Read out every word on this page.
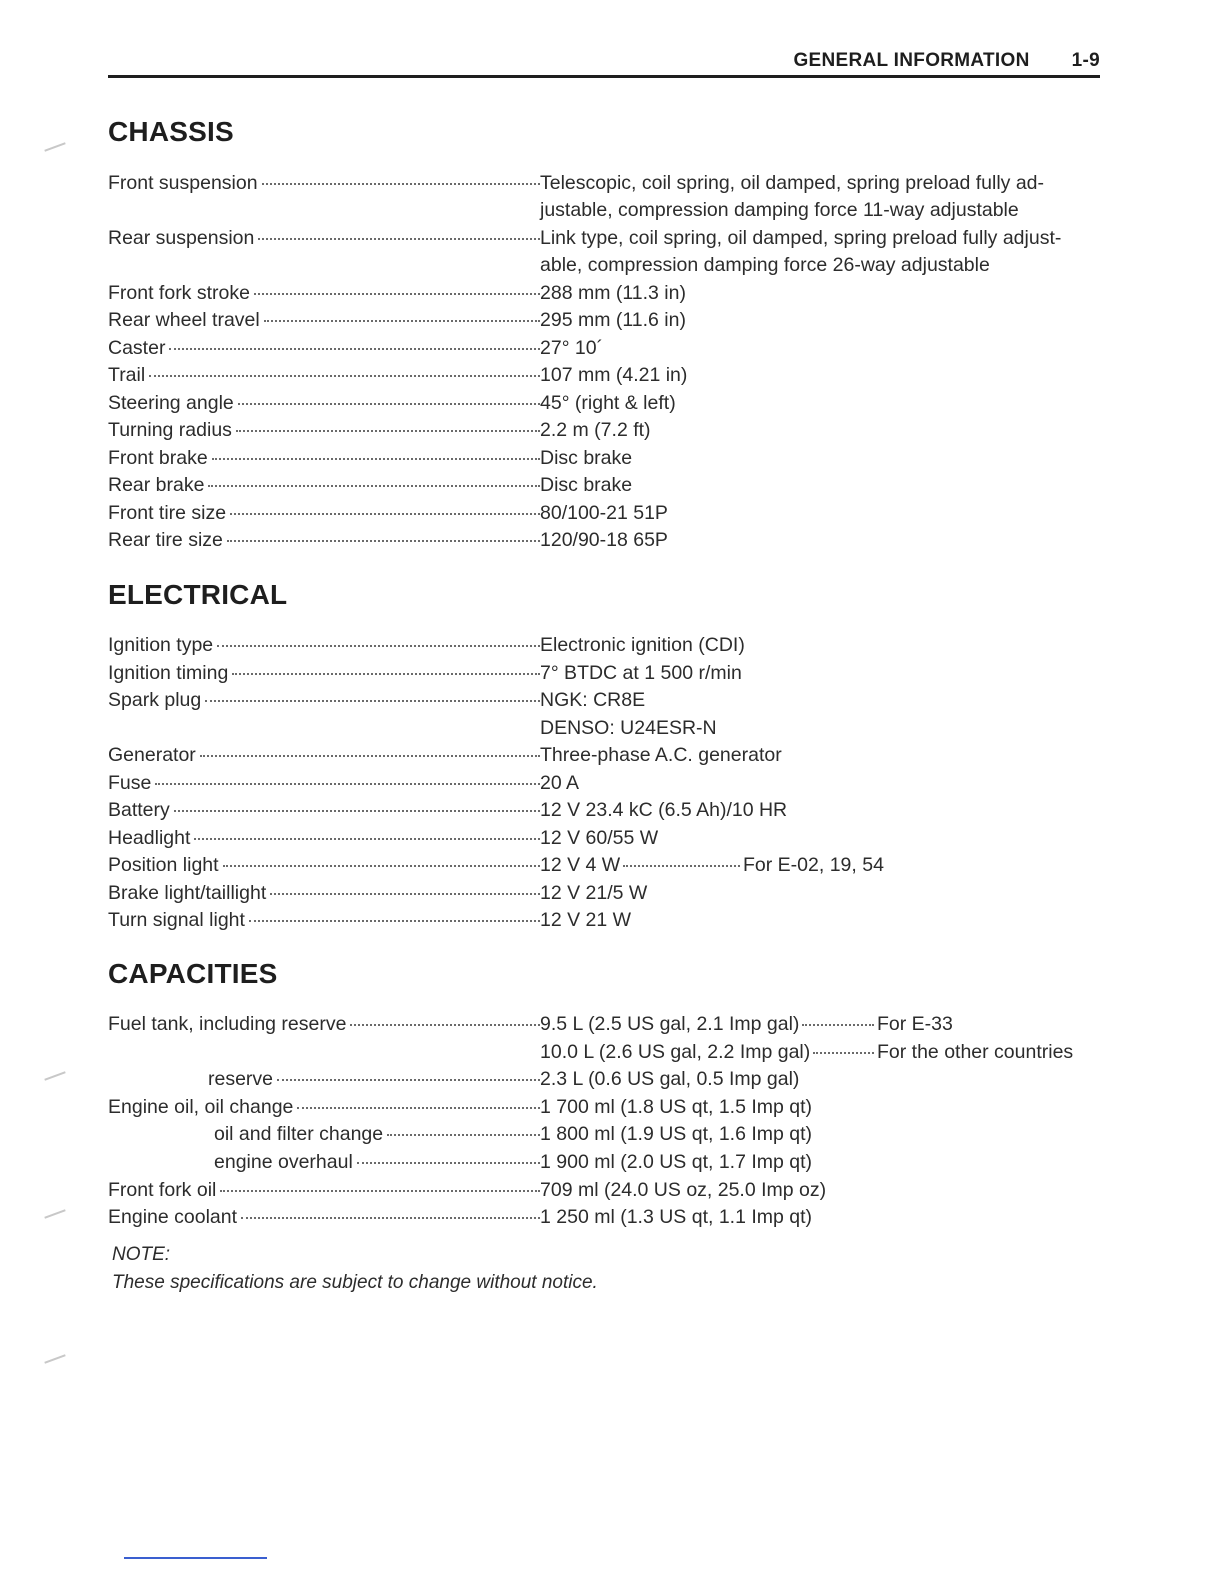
GENERAL INFORMATION 1-9
CHASSIS
Front suspension	Telescopic, coil spring, oil damped, spring preload fully ad-
justable, compression damping force 11-way adjustable
Rear suspension	Link type, coil spring, oil damped, spring preload fully adjust-
able, compression damping force 26-way adjustable
Front fork stroke	288 mm (11.3 in)
Rear wheel travel	295 mm (11.6 in)
Caster	27° 10´
Trail	107 mm (4.21 in)
Steering angle	45° (right & left)
Turning radius	2.2 m (7.2 ft)
Front brake	Disc brake
Rear brake	Disc brake
Front tire size	80/100-21 51P
Rear tire size	120/90-18 65P
ELECTRICAL
Ignition type	Electronic ignition (CDI)
Ignition timing	7° BTDC at 1 500 r/min
Spark plug	NGK: CR8E
DENSO: U24ESR-N
Generator	Three-phase A.C. generator
Fuse	20 A
Battery	12 V 23.4 kC (6.5 Ah)/10 HR
Headlight	12 V 60/55 W
Position light	12 V 4 W	For E-02, 19, 54
Brake light/taillight	12 V 21/5 W
Turn signal light	12 V 21 W
CAPACITIES
Fuel tank, including reserve	9.5 L (2.5 US gal, 2.1 Imp gal)	For E-33
10.0 L (2.6 US gal, 2.2 Imp gal)	For the other countries
reserve	2.3 L (0.6 US gal, 0.5 Imp gal)
Engine oil, oil change	1 700 ml (1.8 US qt, 1.5 Imp qt)
oil and filter change	1 800 ml (1.9 US qt, 1.6 Imp qt)
engine overhaul	1 900 ml (2.0 US qt, 1.7 Imp qt)
Front fork oil	709 ml (24.0 US oz, 25.0 Imp oz)
Engine coolant	1 250 ml (1.3 US qt, 1.1 Imp qt)
NOTE:
These specifications are subject to change without notice.
